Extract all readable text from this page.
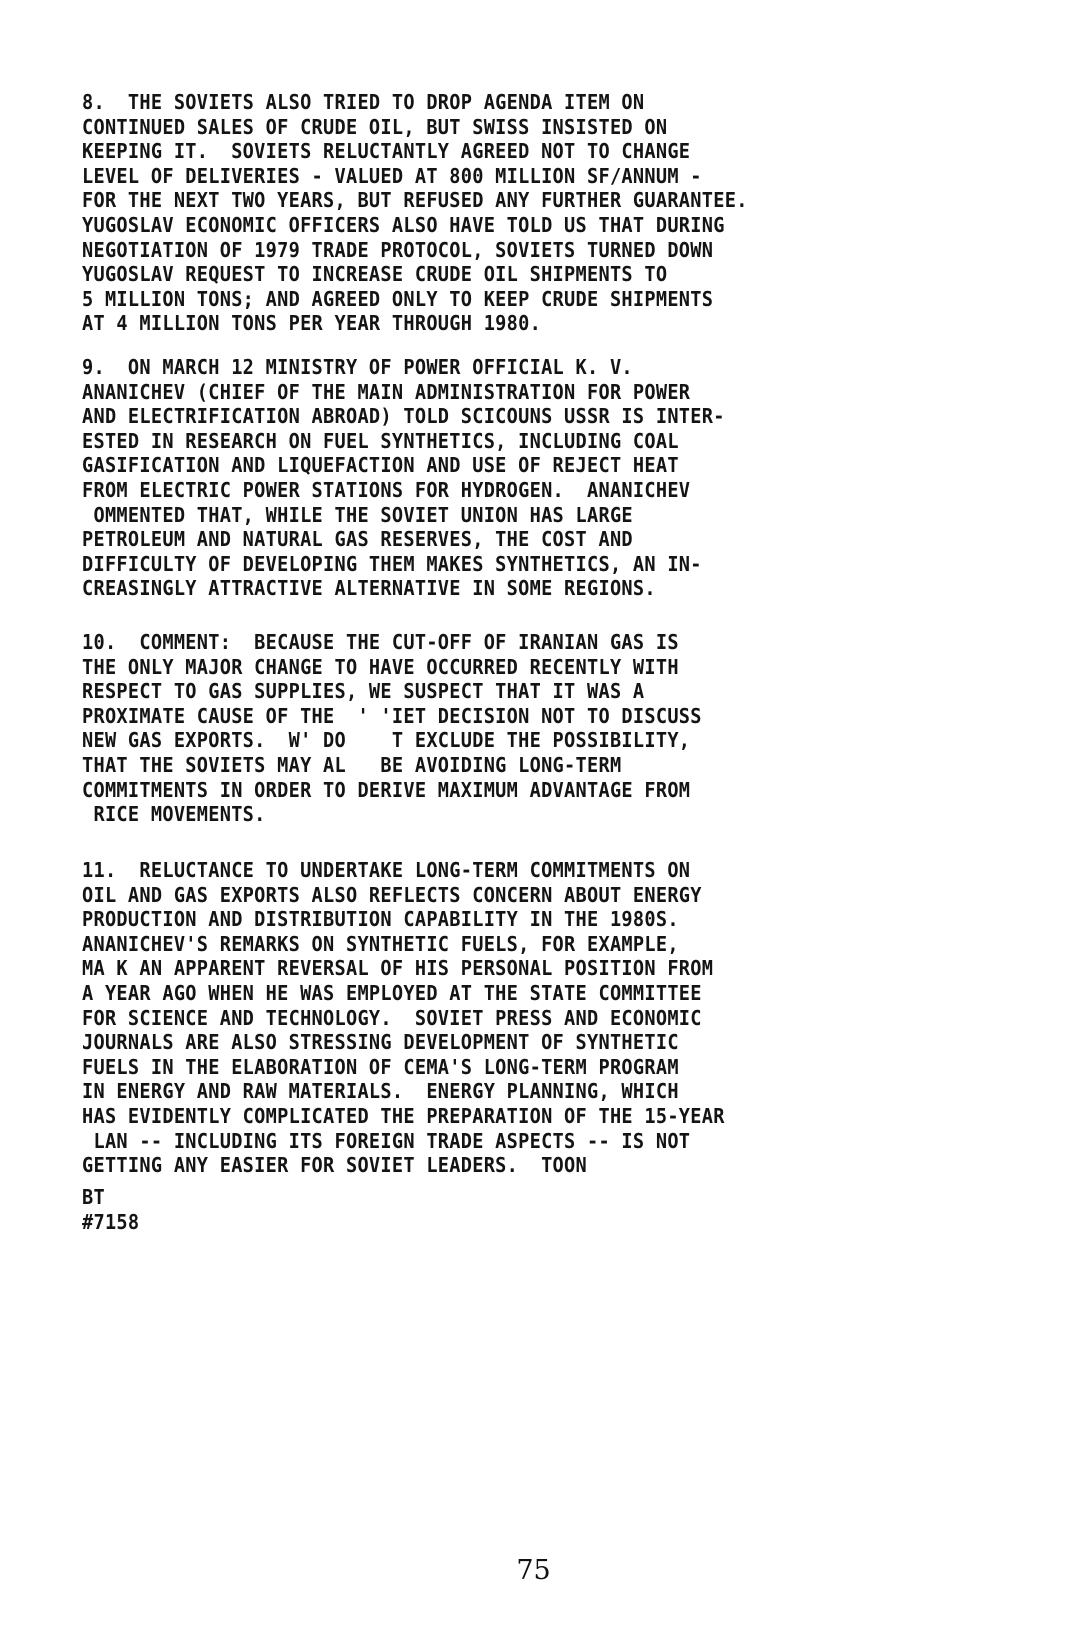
8.  THE SOVIETS ALSO TRIED TO DROP AGENDA ITEM ON
CONTINUED SALES OF CRUDE OIL, BUT SWISS INSISTED ON
KEEPING IT.  SOVIETS RELUCTANTLY AGREED NOT TO CHANGE
LEVEL OF DELIVERIES - VALUED AT 800 MILLION SF/ANNUM -
FOR THE NEXT TWO YEARS, BUT REFUSED ANY FURTHER GUARANTEE.
YUGOSLAV ECONOMIC OFFICERS ALSO HAVE TOLD US THAT DURING
NEGOTIATION OF 1979 TRADE PROTOCOL, SOVIETS TURNED DOWN
YUGOSLAV REQUEST TO INCREASE CRUDE OIL SHIPMENTS TO
5 MILLION TONS; AND AGREED ONLY TO KEEP CRUDE SHIPMENTS
AT 4 MILLION TONS PER YEAR THROUGH 1980.
9.  ON MARCH 12 MINISTRY OF POWER OFFICIAL K. V.
ANANICHEV (CHIEF OF THE MAIN ADMINISTRATION FOR POWER
AND ELECTRIFICATION ABROAD) TOLD SCICOUNS USSR IS INTER-
ESTED IN RESEARCH ON FUEL SYNTHETICS, INCLUDING COAL
GASIFICATION AND LIQUEFACTION AND USE OF REJECT HEAT
FROM ELECTRIC POWER STATIONS FOR HYDROGEN.  ANANICHEV
OMMENTED THAT, WHILE THE SOVIET UNION HAS LARGE
PETROLEUM AND NATURAL GAS RESERVES, THE COST AND
DIFFICULTY OF DEVELOPING THEM MAKES SYNTHETICS, AN IN-
CREASINGLY ATTRACTIVE ALTERNATIVE IN SOME REGIONS.
10.  COMMENT:  BECAUSE THE CUT-OFF OF IRANIAN GAS IS
THE ONLY MAJOR CHANGE TO HAVE OCCURRED RECENTLY WITH
RESPECT TO GAS SUPPLIES, WE SUSPECT THAT IT WAS A
PROXIMATE CAUSE OF THE  ' 'IET DECISION NOT TO DISCUSS
NEW GAS EXPORTS.  W' DO    T EXCLUDE THE POSSIBILITY,
THAT THE SOVIETS MAY AL   BE AVOIDING LONG-TERM
COMMITMENTS IN ORDER TO DERIVE MAXIMUM ADVANTAGE FROM
RICE MOVEMENTS.
11.  RELUCTANCE TO UNDERTAKE LONG-TERM COMMITMENTS ON
OIL AND GAS EXPORTS ALSO REFLECTS CONCERN ABOUT ENERGY
PRODUCTION AND DISTRIBUTION CAPABILITY IN THE 1980S.
ANANICHEV'S REMARKS ON SYNTHETIC FUELS, FOR EXAMPLE,
MA K AN APPARENT REVERSAL OF HIS PERSONAL POSITION FROM
A YEAR AGO WHEN HE WAS EMPLOYED AT THE STATE COMMITTEE
FOR SCIENCE AND TECHNOLOGY.  SOVIET PRESS AND ECONOMIC
JOURNALS ARE ALSO STRESSING DEVELOPMENT OF SYNTHETIC
FUELS IN THE ELABORATION OF CEMA'S LONG-TERM PROGRAM
IN ENERGY AND RAW MATERIALS.  ENERGY PLANNING, WHICH
HAS EVIDENTLY COMPLICATED THE PREPARATION OF THE 15-YEAR
LAN -- INCLUDING ITS FOREIGN TRADE ASPECTS -- IS NOT
GETTING ANY EASIER FOR SOVIET LEADERS.  TOON
BT
#7158
75
